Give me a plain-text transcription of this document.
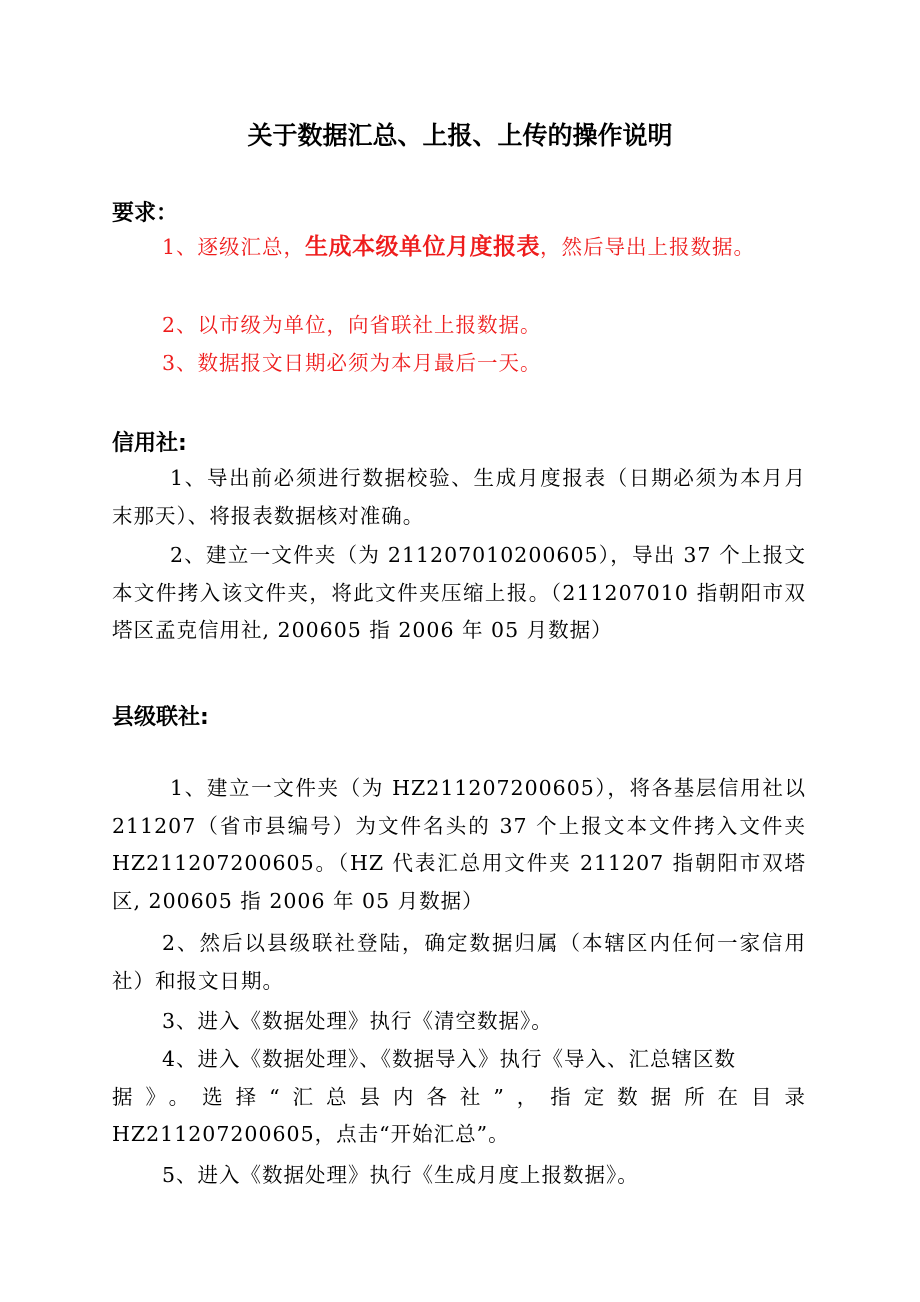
关于数据汇总、上报、上传的操作说明
要求：
1、逐级汇总，生成本级单位月度报表，然后导出上报数据。
2、以市级为单位，向省联社上报数据。
3、数据报文日期必须为本月最后一天。
信用社:
1、导出前必须进行数据校验、生成月度报表（日期必须为本月月末那天）、将报表数据核对准确。
2、建立一文件夹（为 211207010200605），导出 37 个上报文本文件拷入该文件夹，将此文件夹压缩上报。（211207010 指朝阳市双塔区孟克信用社, 200605 指 2006 年 05 月数据）
县级联社:
1、建立一文件夹（为 HZ211207200605），将各基层信用社以 211207（省市县编号）为文件名头的 37 个上报文本文件拷入文件夹 HZ211207200605。（HZ 代表汇总用文件夹 211207 指朝阳市双塔区, 200605 指 2006 年 05 月数据）
2、然后以县级联社登陆，确定数据归属（本辖区内任何一家信用社）和报文日期。
3、进入《数据处理》执行《清空数据》。
4、进入《数据处理》、《数据导入》执行《导入、汇总辖区数
据》。选择“汇总县内各社”，指定数据所在目录
HZ211207200605，点击“开始汇总”。
5、进入《数据处理》执行《生成月度上报数据》。
